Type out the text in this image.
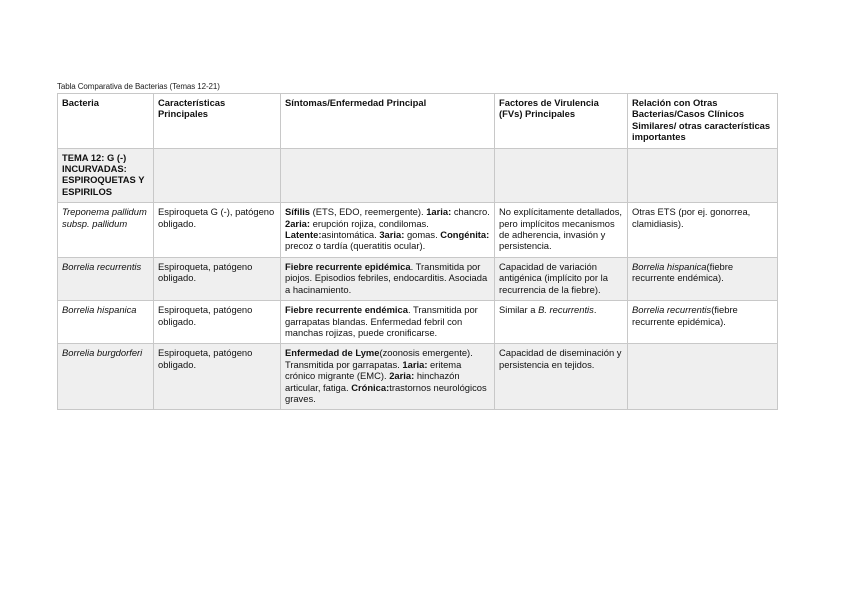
Tabla Comparativa de Bacterias (Temas 12-21)
Bacteria	Características Principales	Síntomas/Enfermedad Principal	Factores de Virulencia (FVs) Principales	Relación con Otras Bacterias/Casos Clínicos Similares/ otras características importantes
TEMA 12: G (-) INCURVADAS: ESPIROQUETAS Y ESPIRILOS				
Treponema pallidum subsp. pallidum	Espiroqueta G (-), patógeno obligado.	Sífilis (ETS, EDO, reemergente). 1aria: chancro. 2aria: erupción rojiza, condilomas. Latente:asintomática. 3aria: gomas. Congénita: precoz o tardía (queratitis ocular).	No explícitamente detallados, pero implícitos mecanismos de adherencia, invasión y persistencia.	Otras ETS (por ej. gonorrea, clamidiasis).
Borrelia recurrentis	Espiroqueta, patógeno obligado.	Fiebre recurrente epidémica. Transmitida por piojos. Episodios febriles, endocarditis. Asociada a hacinamiento.	Capacidad de variación antigénica (implícito por la recurrencia de la fiebre).	Borrelia hispanica(fiebre recurrente endémica).
Borrelia hispanica	Espiroqueta, patógeno obligado.	Fiebre recurrente endémica. Transmitida por garrapatas blandas. Enfermedad febril con manchas rojizas, puede cronificarse.	Similar a B. recurrentis.	Borrelia recurrentis(fiebre recurrente epidémica).
Borrelia burgdorferi	Espiroqueta, patógeno obligado.	Enfermedad de Lyme(zoonosis emergente). Transmitida por garrapatas. 1aria: eritema crónico migrante (EMC). 2aria: hinchazón articular, fatiga. Crónica:trastornos neurológicos graves.	Capacidad de diseminación y persistencia en tejidos.	
